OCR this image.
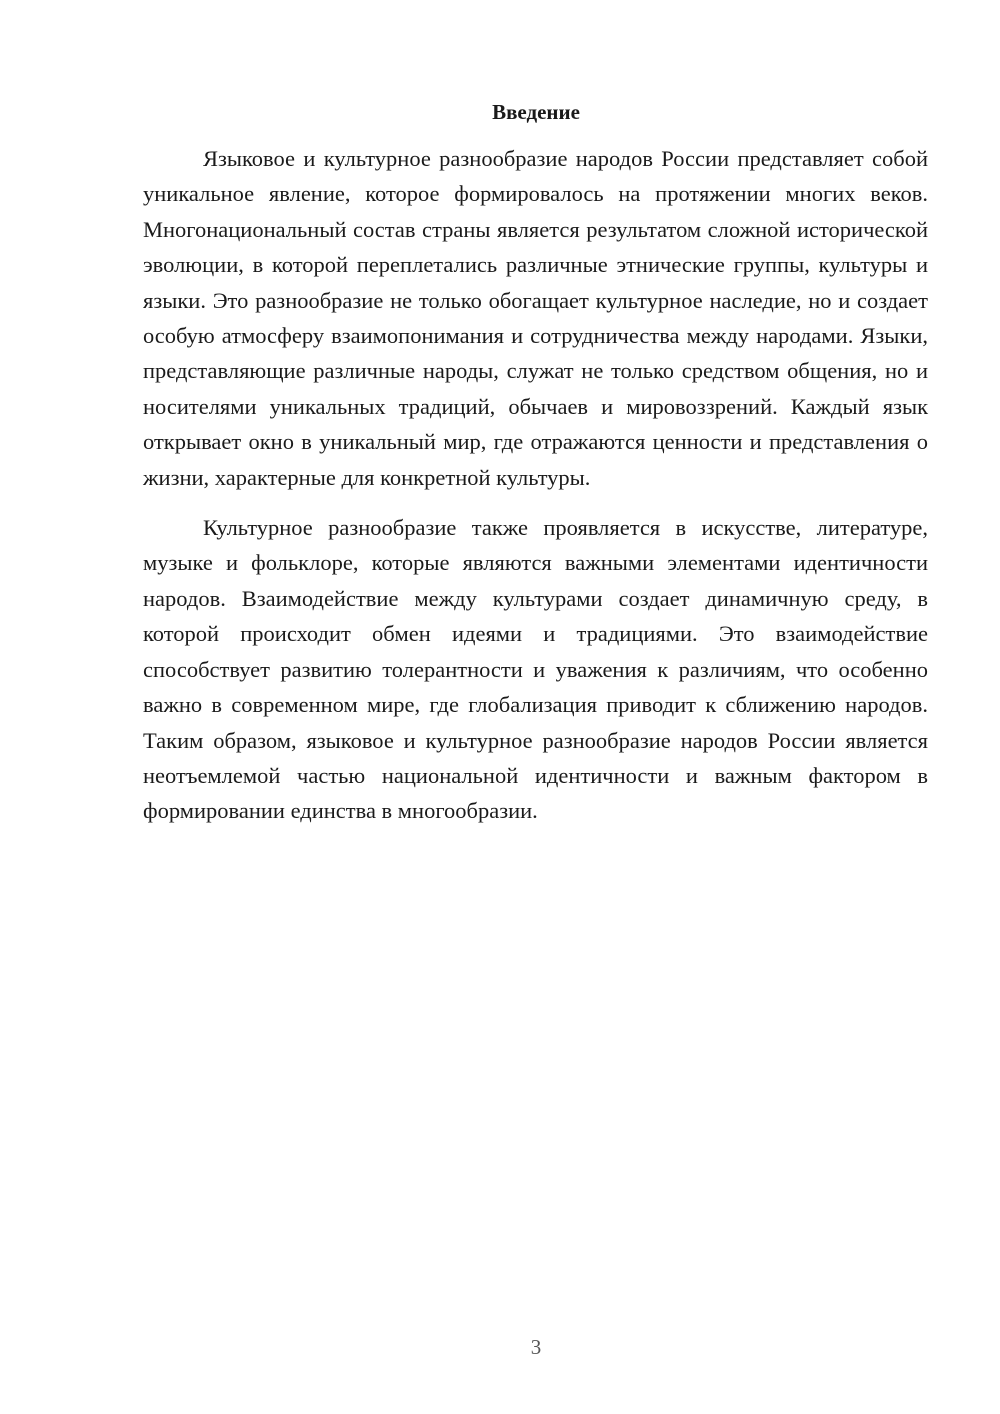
Введение

Языковое и культурное разнообразие народов России представляет собой уникальное явление, которое формировалось на протяжении многих веков. Многонациональный состав страны является результатом сложной исторической эволюции, в которой переплетались различные этнические группы, культуры и языки. Это разнообразие не только обогащает культурное наследие, но и создает особую атмосферу взаимопонимания и сотрудничества между народами. Языки, представляющие различные народы, служат не только средством общения, но и носителями уникальных традиций, обычаев и мировоззрений. Каждый язык открывает окно в уникальный мир, где отражаются ценности и представления о жизни, характерные для конкретной культуры.

Культурное разнообразие также проявляется в искусстве, литературе, музыке и фольклоре, которые являются важными элементами идентичности народов. Взаимодействие между культурами создает динамичную среду, в которой происходит обмен идеями и традициями. Это взаимодействие способствует развитию толерантности и уважения к различиям, что особенно важно в современном мире, где глобализация приводит к сближению народов. Таким образом, языковое и культурное разнообразие народов России является неотъемлемой частью национальной идентичности и важным фактором в формировании единства в многообразии.

3
